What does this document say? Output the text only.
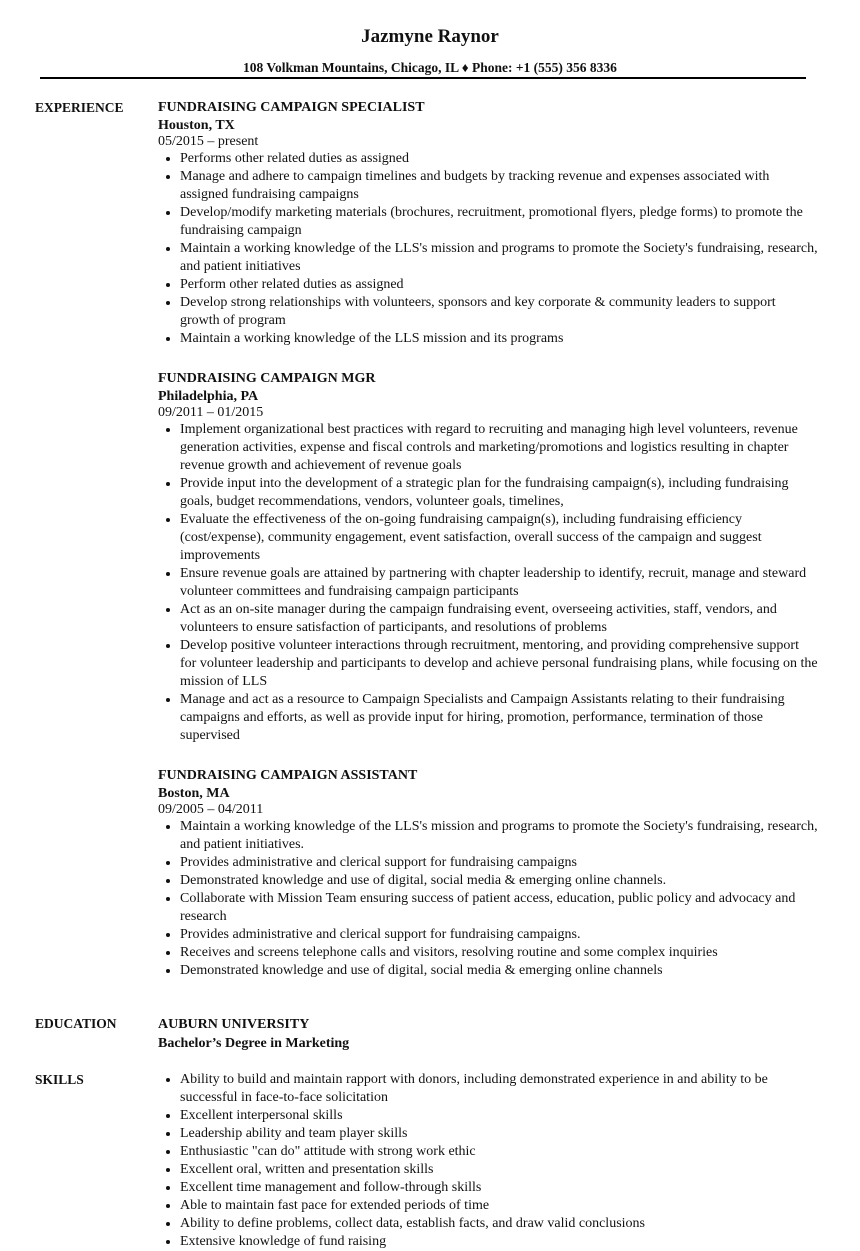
Jazmyne Raynor
108 Volkman Mountains, Chicago, IL ♦ Phone: +1 (555) 356 8336
EXPERIENCE FUNDRAISING CAMPAIGN SPECIALIST
Houston, TX
05/2015 – present
• Performs other related duties as assigned
• Manage and adhere to campaign timelines and budgets by tracking revenue and expenses associated with assigned fundraising campaigns
• Develop/modify marketing materials (brochures, recruitment, promotional flyers, pledge forms) to promote the fundraising campaign
• Maintain a working knowledge of the LLS's mission and programs to promote the Society's fundraising, research, and patient initiatives
• Perform other related duties as assigned
• Develop strong relationships with volunteers, sponsors and key corporate & community leaders to support growth of program
• Maintain a working knowledge of the LLS mission and its programs
FUNDRAISING CAMPAIGN MGR
Philadelphia, PA
09/2011 – 01/2015
• Implement organizational best practices with regard to recruiting and managing high level volunteers, revenue generation activities, expense and fiscal controls and marketing/promotions and logistics resulting in chapter revenue growth and achievement of revenue goals
• Provide input into the development of a strategic plan for the fundraising campaign(s), including fundraising goals, budget recommendations, vendors, volunteer goals, timelines,
• Evaluate the effectiveness of the on-going fundraising campaign(s), including fundraising efficiency (cost/expense), community engagement, event satisfaction, overall success of the campaign and suggest improvements
• Ensure revenue goals are attained by partnering with chapter leadership to identify, recruit, manage and steward volunteer committees and fundraising campaign participants
• Act as an on-site manager during the campaign fundraising event, overseeing activities, staff, vendors, and volunteers to ensure satisfaction of participants, and resolutions of problems
• Develop positive volunteer interactions through recruitment, mentoring, and providing comprehensive support for volunteer leadership and participants to develop and achieve personal fundraising plans, while focusing on the mission of LLS
• Manage and act as a resource to Campaign Specialists and Campaign Assistants relating to their fundraising campaigns and efforts, as well as provide input for hiring, promotion, performance, termination of those supervised
FUNDRAISING CAMPAIGN ASSISTANT
Boston, MA
09/2005 – 04/2011
• Maintain a working knowledge of the LLS's mission and programs to promote the Society's fundraising, research, and patient initiatives.
• Provides administrative and clerical support for fundraising campaigns
• Demonstrated knowledge and use of digital, social media & emerging online channels.
• Collaborate with Mission Team ensuring success of patient access, education, public policy and advocacy and research
• Provides administrative and clerical support for fundraising campaigns.
• Receives and screens telephone calls and visitors, resolving routine and some complex inquiries
• Demonstrated knowledge and use of digital, social media & emerging online channels
EDUCATION	AUBURN UNIVERSITY
Bachelor’s Degree in Marketing
SKILLS
•	Ability to build and maintain rapport with donors, including demonstrated experience in and ability to be successful in face-to-face solicitation
• Excellent interpersonal skills
• Leadership ability and team player skills
• Enthusiastic "can do" attitude with strong work ethic
• Excellent oral, written and presentation skills
• Excellent time management and follow-through skills
• Able to maintain fast pace for extended periods of time
• Ability to define problems, collect data, establish facts, and draw valid conclusions
• Extensive knowledge of fund raising
